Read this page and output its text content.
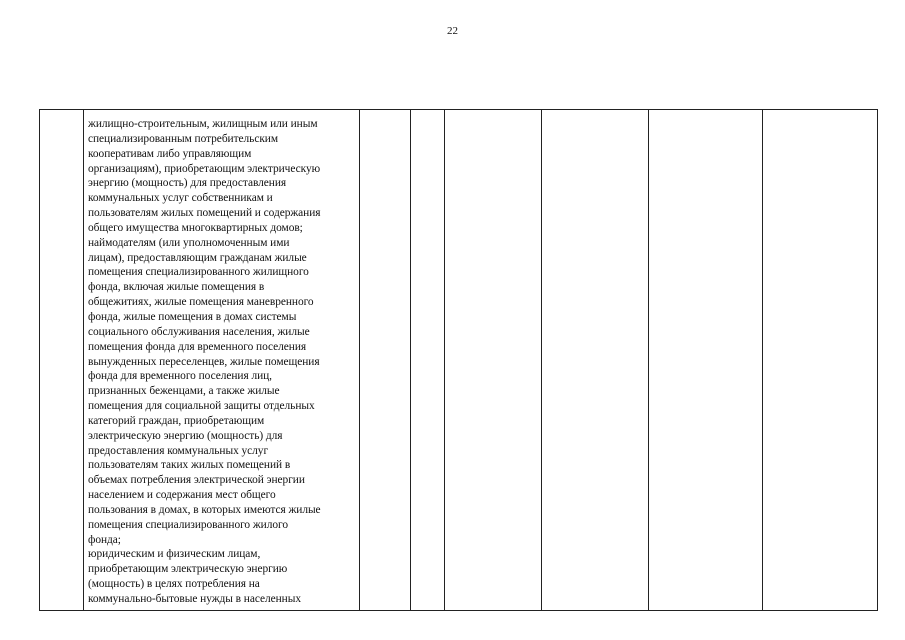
22

жилищно-строительным, жилищным или иным
специализированным потребительским
кооперативам либо управляющим
организациям), приобретающим электрическую
энергию (мощность) для предоставления
коммунальных услуг собственникам и
пользователям жилых помещений и содержания
общего имущества многоквартирных домов;
наймодателям (или уполномоченным ими
лицам), предоставляющим гражданам жилые
помещения специализированного жилищного
фонда, включая жилые помещения в
общежитиях, жилые помещения маневренного
фонда, жилые помещения в домах системы
социального обслуживания населения, жилые
помещения фонда для временного поселения
вынужденных переселенцев, жилые помещения
фонда для временного поселения лиц,
признанных беженцами, а также жилые
помещения для социальной защиты отдельных
категорий граждан, приобретающим
электрическую энергию (мощность) для
предоставления коммунальных услуг
пользователям таких жилых помещений в
объемах потребления электрической энергии
населением и содержания мест общего
пользования в домах, в которых имеются жилые
помещения специализированного жилого
фонда;
юридическим и физическим лицам,
приобретающим электрическую энергию
(мощность) в целях потребления на
коммунально-бытовые нужды в населенных
